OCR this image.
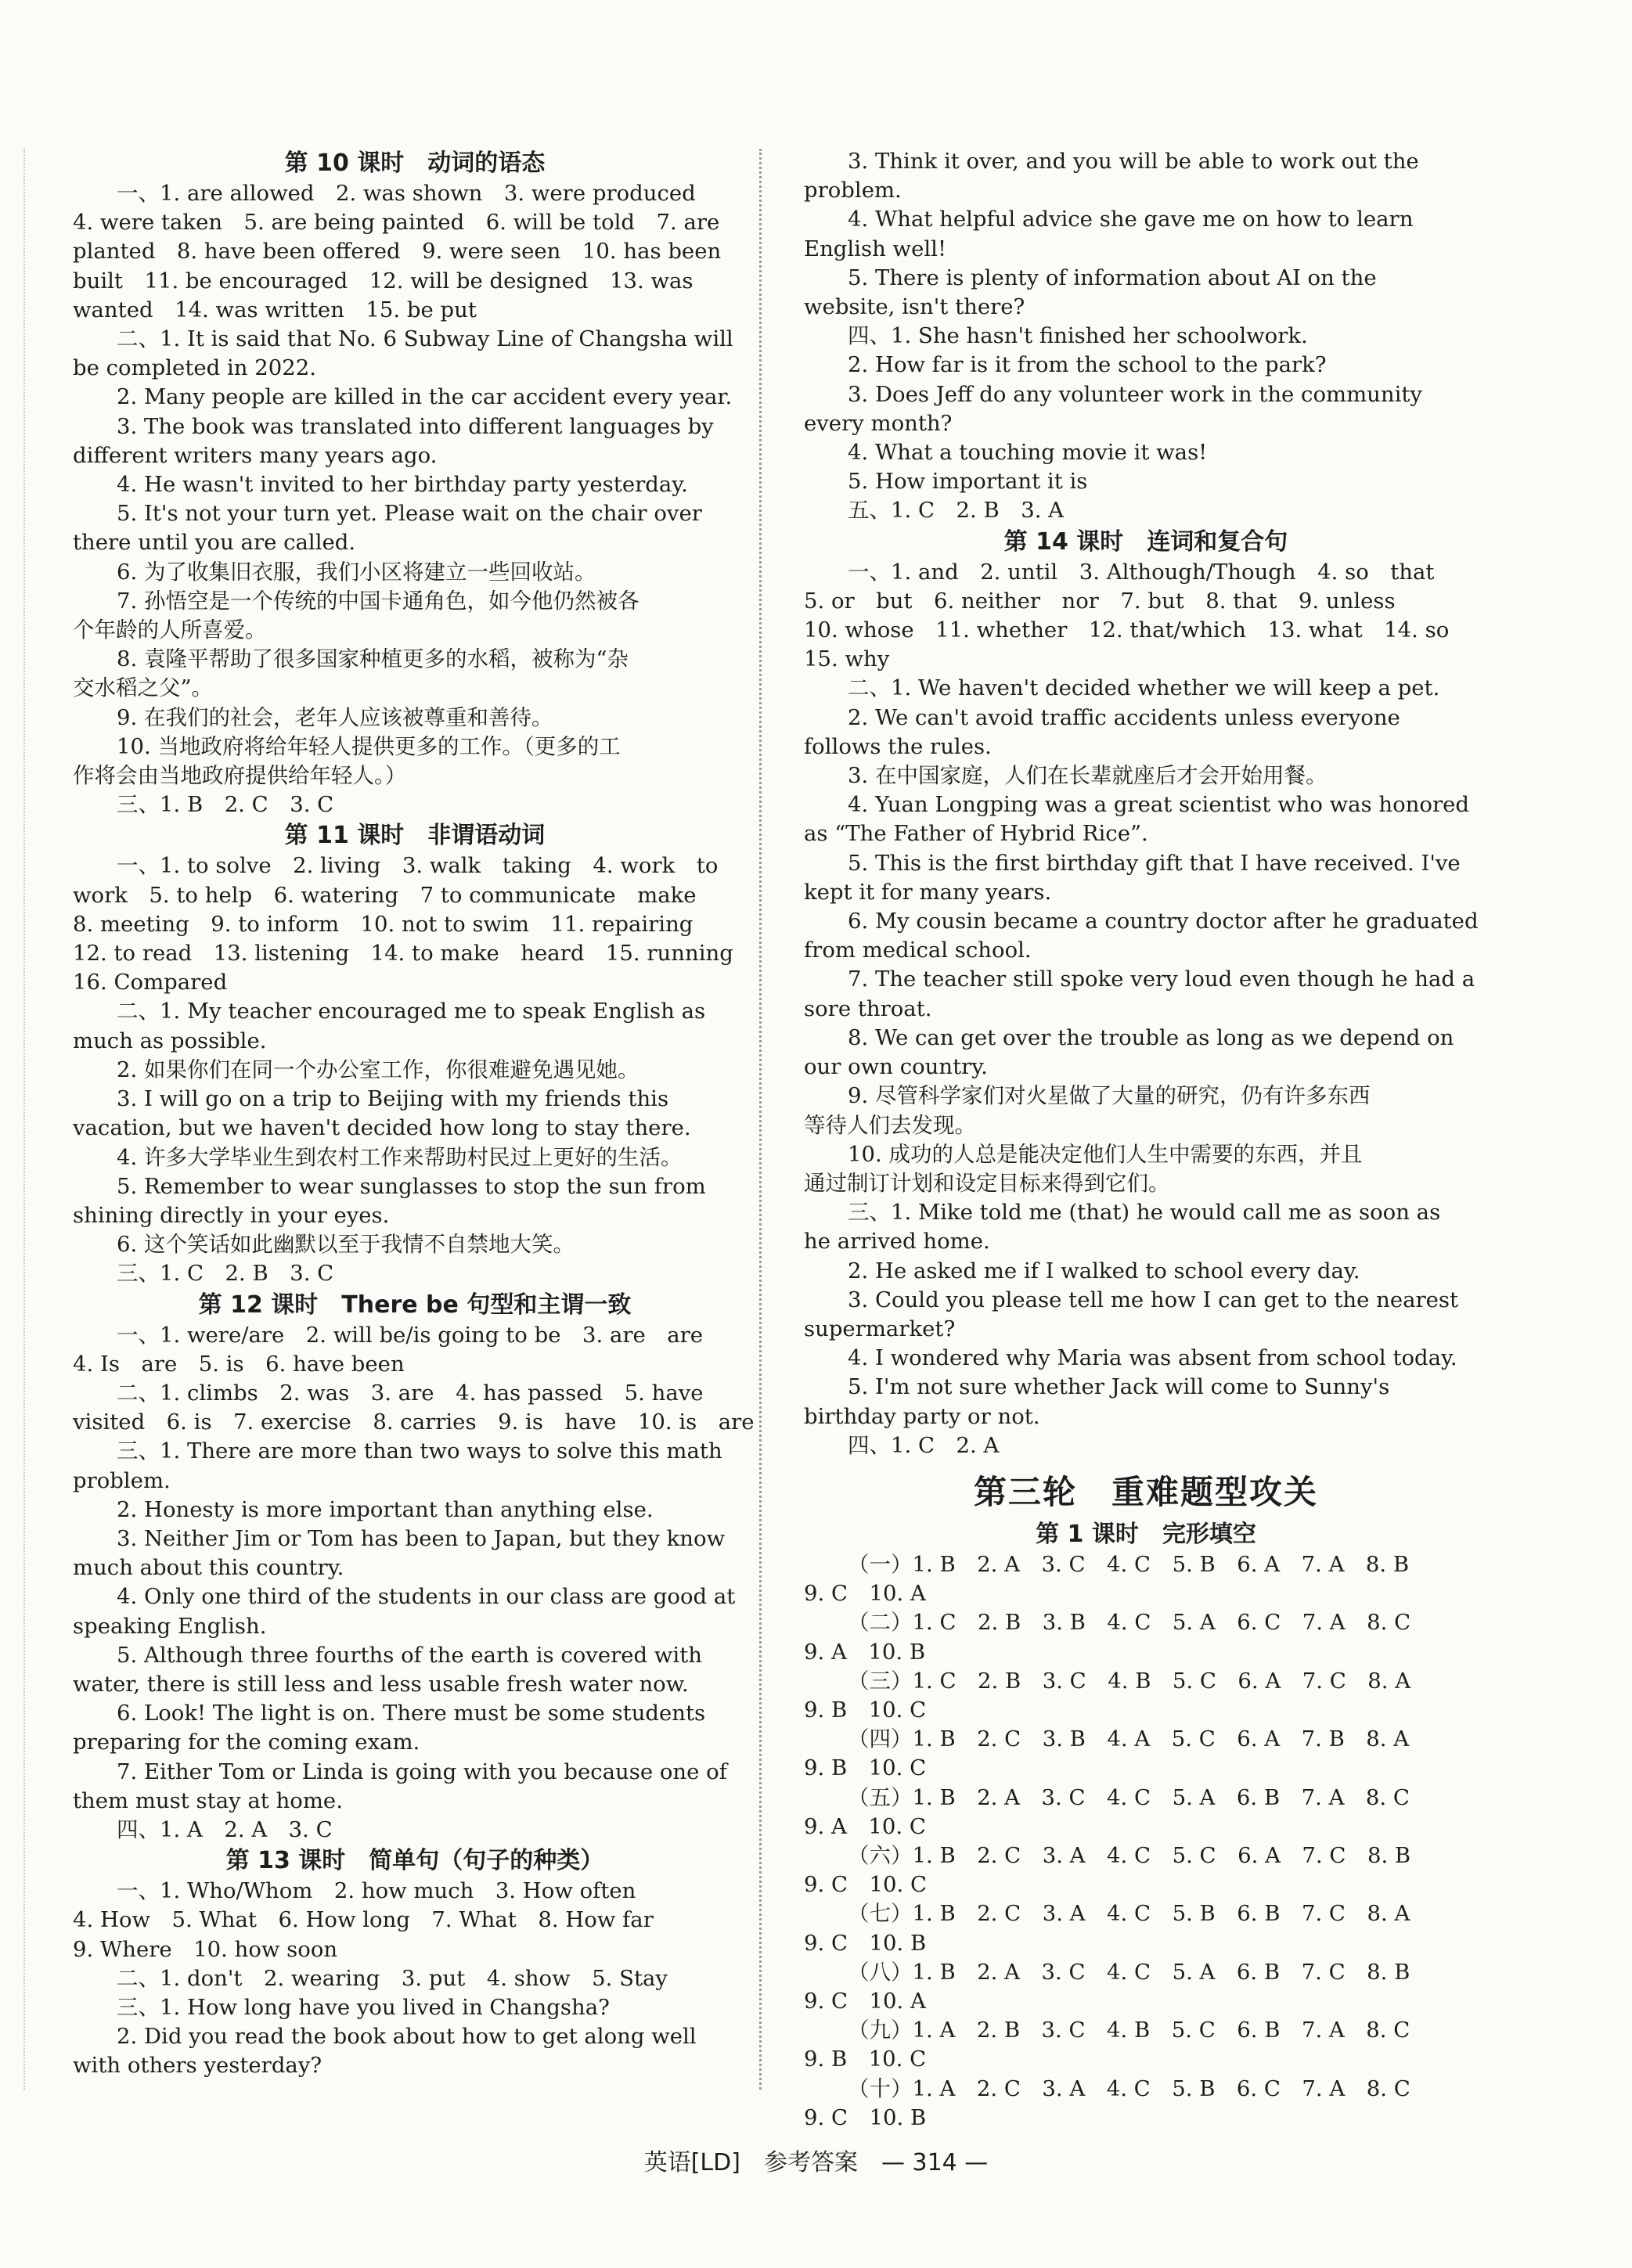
第 10 课时　动词的语态
一、1. are allowed　2. was shown　3. were produced
4. were taken　5. are being painted　6. will be told　7. are
planted　8. have been offered　9. were seen　10. has been
built　11. be encouraged　12. will be designed　13. was
wanted　14. was written　15. be put
二、1. It is said that No. 6 Subway Line of Changsha will
be completed in 2022.
2. Many people are killed in the car accident every year.
3. The book was translated into different languages by
different writers many years ago.
4. He wasn't invited to her birthday party yesterday.
5. It's not your turn yet. Please wait on the chair over
there until you are called.
6. 为了收集旧衣服，我们小区将建立一些回收站。
7. 孙悟空是一个传统的中国卡通角色，如今他仍然被各
个年龄的人所喜爱。
8. 袁隆平帮助了很多国家种植更多的水稻，被称为“杂
交水稻之父”。
9. 在我们的社会，老年人应该被尊重和善待。
10. 当地政府将给年轻人提供更多的工作。（更多的工
作将会由当地政府提供给年轻人。）
三、1. B　2. C　3. C
第 11 课时　非谓语动词
一、1. to solve　2. living　3. walk　taking　4. work　to
work　5. to help　6. watering　7 to communicate　make
8. meeting　9. to inform　10. not to swim　11. repairing
12. to read　13. listening　14. to make　heard　15. running
16. Compared
二、1. My teacher encouraged me to speak English as
much as possible.
2. 如果你们在同一个办公室工作，你很难避免遇见她。
3. I will go on a trip to Beijing with my friends this
vacation, but we haven't decided how long to stay there.
4. 许多大学毕业生到农村工作来帮助村民过上更好的生活。
5. Remember to wear sunglasses to stop the sun from
shining directly in your eyes.
6. 这个笑话如此幽默以至于我情不自禁地大笑。
三、1. C　2. B　3. C
第 12 课时　There be 句型和主谓一致
一、1. were/are　2. will be/is going to be　3. are　are
4. Is　are　5. is　6. have been
二、1. climbs　2. was　3. are　4. has passed　5. have
visited　6. is　7. exercise　8. carries　9. is　have　10. is　are
三、1. There are more than two ways to solve this math
problem.
2. Honesty is more important than anything else.
3. Neither Jim or Tom has been to Japan, but they know
much about this country.
4. Only one third of the students in our class are good at
speaking English.
5. Although three fourths of the earth is covered with
water, there is still less and less usable fresh water now.
6. Look! The light is on. There must be some students
preparing for the coming exam.
7. Either Tom or Linda is going with you because one of
them must stay at home.
四、1. A　2. A　3. C
第 13 课时　简单句（句子的种类）
一、1. Who/Whom　2. how much　3. How often
4. How　5. What　6. How long　7. What　8. How far
9. Where　10. how soon
二、1. don't　2. wearing　3. put　4. show　5. Stay
三、1. How long have you lived in Changsha?
2. Did you read the book about how to get along well
with others yesterday?
3. Think it over, and you will be able to work out the
problem.
4. What helpful advice she gave me on how to learn
English well!
5. There is plenty of information about AI on the
website, isn't there?
四、1. She hasn't finished her schoolwork.
2. How far is it from the school to the park?
3. Does Jeff do any volunteer work in the community
every month?
4. What a touching movie it was!
5. How important it is
五、1. C　2. B　3. A
第 14 课时　连词和复合句
一、1. and　2. until　3. Although/Though　4. so　that
5. or　but　6. neither　nor　7. but　8. that　9. unless
10. whose　11. whether　12. that/which　13. what　14. so
15. why
二、1. We haven't decided whether we will keep a pet.
2. We can't avoid traffic accidents unless everyone
follows the rules.
3. 在中国家庭，人们在长辈就座后才会开始用餐。
4. Yuan Longping was a great scientist who was honored
as “The Father of Hybrid Rice”.
5. This is the first birthday gift that I have received. I've
kept it for many years.
6. My cousin became a country doctor after he graduated
from medical school.
7. The teacher still spoke very loud even though he had a
sore throat.
8. We can get over the trouble as long as we depend on
our own country.
9. 尽管科学家们对火星做了大量的研究，仍有许多东西
等待人们去发现。
10. 成功的人总是能决定他们人生中需要的东西，并且
通过制订计划和设定目标来得到它们。
三、1. Mike told me (that) he would call me as soon as
he arrived home.
2. He asked me if I walked to school every day.
3. Could you please tell me how I can get to the nearest
supermarket?
4. I wondered why Maria was absent from school today.
5. I'm not sure whether Jack will come to Sunny's
birthday party or not.
四、1. C　2. A
第三轮　重难题型攻关
第 1 课时　完形填空
（一）1. B　2. A　3. C　4. C　5. B　6. A　7. A　8. B
9. C　10. A
（二）1. C　2. B　3. B　4. C　5. A　6. C　7. A　8. C
9. A　10. B
（三）1. C　2. B　3. C　4. B　5. C　6. A　7. C　8. A
9. B　10. C
（四）1. B　2. C　3. B　4. A　5. C　6. A　7. B　8. A
9. B　10. C
（五）1. B　2. A　3. C　4. C　5. A　6. B　7. A　8. C
9. A　10. C
（六）1. B　2. C　3. A　4. C　5. C　6. A　7. C　8. B
9. C　10. C
（七）1. B　2. C　3. A　4. C　5. B　6. B　7. C　8. A
9. C　10. B
（八）1. B　2. A　3. C　4. C　5. A　6. B　7. C　8. B
9. C　10. A
（九）1. A　2. B　3. C　4. B　5. C　6. B　7. A　8. C
9. B　10. C
（十）1. A　2. C　3. A　4. C　5. B　6. C　7. A　8. C
9. C　10. B
英语[LD]　参考答案　— 314 —
